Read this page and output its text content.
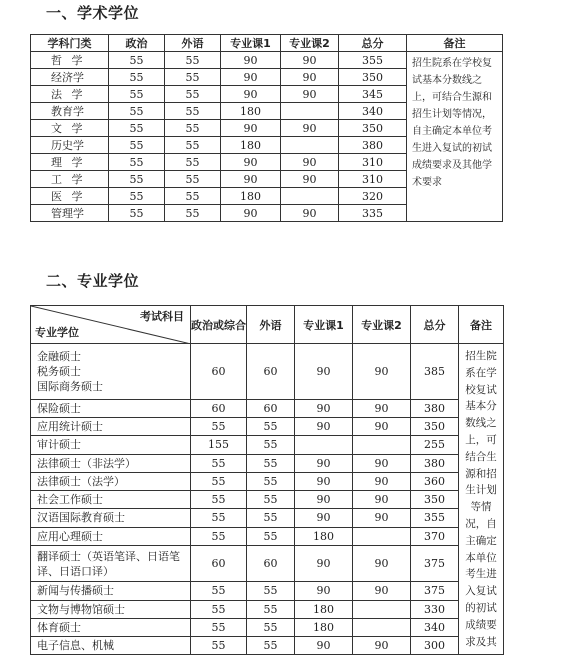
一、学术学位
学科门类	政治	外语	专业课1	专业课2	总分	备注
哲 学	55	55	90	90	355	招生院系在学校复试基本分数线之上，可结合生源和招生计划等情况，自主确定本单位考生进入复试的初试成绩要求及其他学术要求
经济学	55	55	90	90	350	
法 学	55	55	90	90	345	
教育学	55	55	180		340	
文 学	55	55	90	90	350	
历史学	55	55	180		380	
理 学	55	55	90	90	310	
工 学	55	55	90	90	310	
医 学	55	55	180		320	
管理学	55	55	90	90	335	
二、专业学位
考试科目
专业学位	政治或综合	外语	专业课1	专业课2	总分	备注
金融硕士
税务硕士
国际商务硕士	60	60	90	90	385	招生院系在学校复试基本分数线之上，可结合生源和招生计划等情况，自主确定本单位考生进入复试的初试成绩要求及其
保险硕士	60	60	90	90	380	
应用统计硕士	55	55	90	90	350	
审计硕士	155	55			255	
法律硕士（非法学）	55	55	90	90	380	
法律硕士（法学）	55	55	90	90	360	
社会工作硕士	55	55	90	90	350	
汉语国际教育硕士	55	55	90	90	355	
应用心理硕士	55	55	180		370	
翻译硕士（英语笔译、日语笔译、日语口译）	60	60	90	90	375	
新闻与传播硕士	55	55	90	90	375	
文物与博物馆硕士	55	55	180		330	
体育硕士	55	55	180		340	
电子信息、机械	55	55	90	90	300	
